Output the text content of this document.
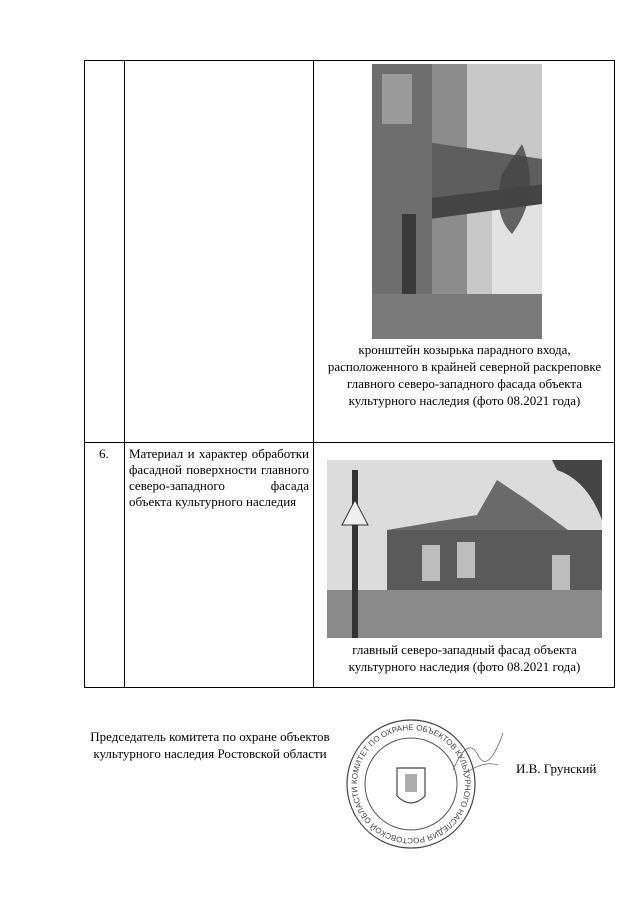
кронштейн козырька парадного входа, расположенного в крайней северной раскреповке главного северо-западного фасада объекта культурного наследия (фото 08.2021 года)
6. Материал и характер обработки фасадной поверхности главного северо-западного фасада объекта культурного наследия
главный северо-западный фасад объекта культурного наследия (фото 08.2021 года)
Председатель комитета по охране объектов культурного наследия Ростовской области
КОМИТЕТ ПО ОХРАНЕ ОБЪЕКТОВ КУЛЬТУРНОГО НАСЛЕДИЯ РОСТОВСКОЙ ОБЛАСТИ
И.В. Грунский
